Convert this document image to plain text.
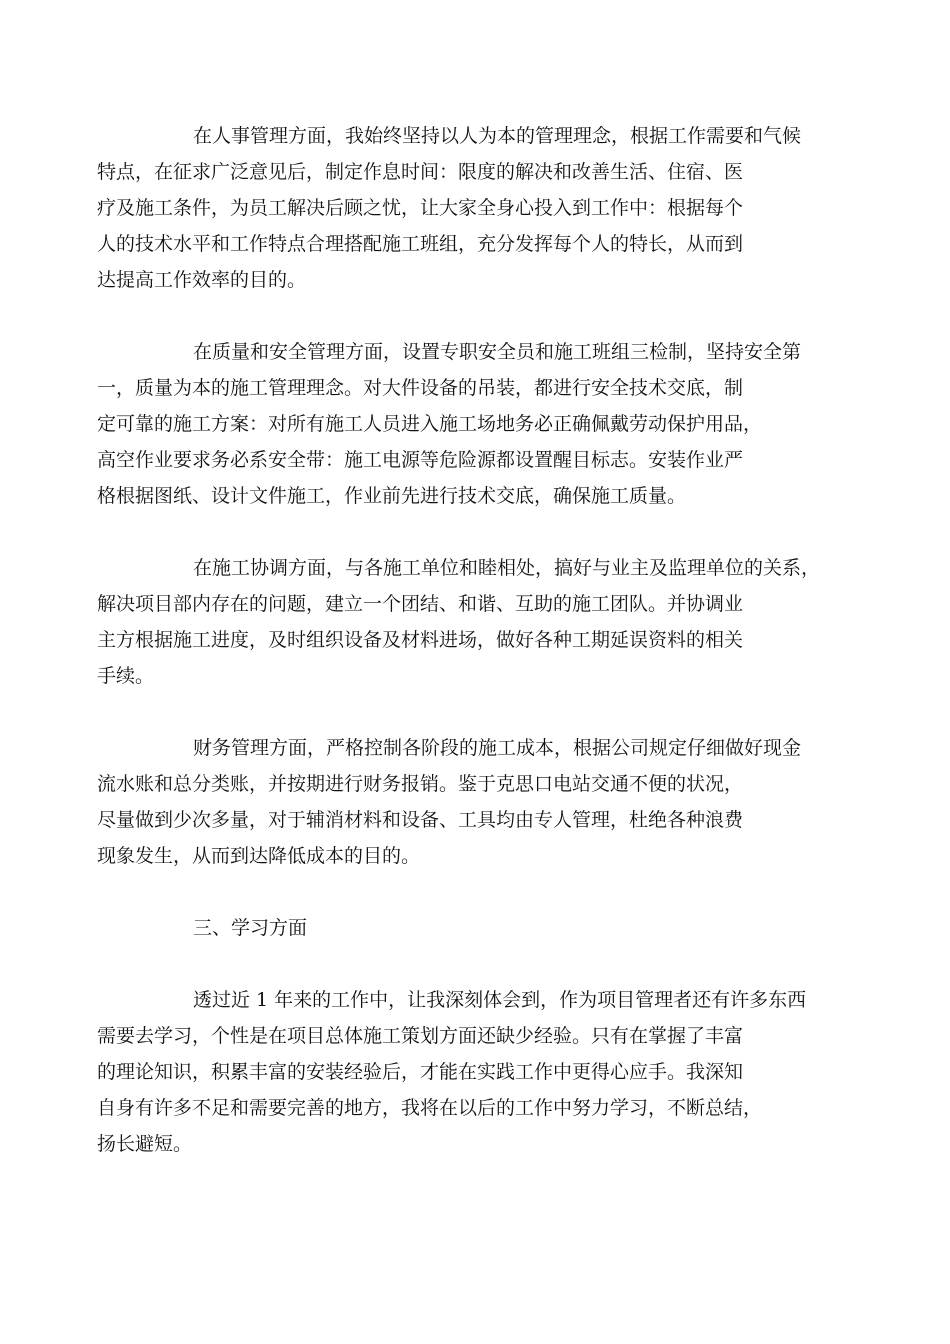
在人事管理方面，我始终坚持以人为本的管理理念，根据工作需要和气候
特点，在征求广泛意见后，制定作息时间：限度的解决和改善生活、住宿、医
疗及施工条件，为员工解决后顾之忧，让大家全身心投入到工作中：根据每个
人的技术水平和工作特点合理搭配施工班组，充分发挥每个人的特长，从而到
达提高工作效率的目的。

在质量和安全管理方面，设置专职安全员和施工班组三检制，坚持安全第
一，质量为本的施工管理理念。对大件设备的吊装，都进行安全技术交底，制
定可靠的施工方案：对所有施工人员进入施工场地务必正确佩戴劳动保护用品，
高空作业要求务必系安全带：施工电源等危险源都设置醒目标志。安装作业严
格根据图纸、设计文件施工，作业前先进行技术交底，确保施工质量。

在施工协调方面，与各施工单位和睦相处，搞好与业主及监理单位的关系，
解决项目部内存在的问题，建立一个团结、和谐、互助的施工团队。并协调业
主方根据施工进度，及时组织设备及材料进场，做好各种工期延误资料的相关
手续。

财务管理方面，严格控制各阶段的施工成本，根据公司规定仔细做好现金
流水账和总分类账，并按期进行财务报销。鉴于克思口电站交通不便的状况，
尽量做到少次多量，对于辅消材料和设备、工具均由专人管理，杜绝各种浪费
现象发生，从而到达降低成本的目的。

三、学习方面

透过近 1 年来的工作中，让我深刻体会到，作为项目管理者还有许多东西
需要去学习，个性是在项目总体施工策划方面还缺少经验。只有在掌握了丰富
的理论知识，积累丰富的安装经验后，才能在实践工作中更得心应手。我深知
自身有许多不足和需要完善的地方，我将在以后的工作中努力学习，不断总结，
扬长避短。
